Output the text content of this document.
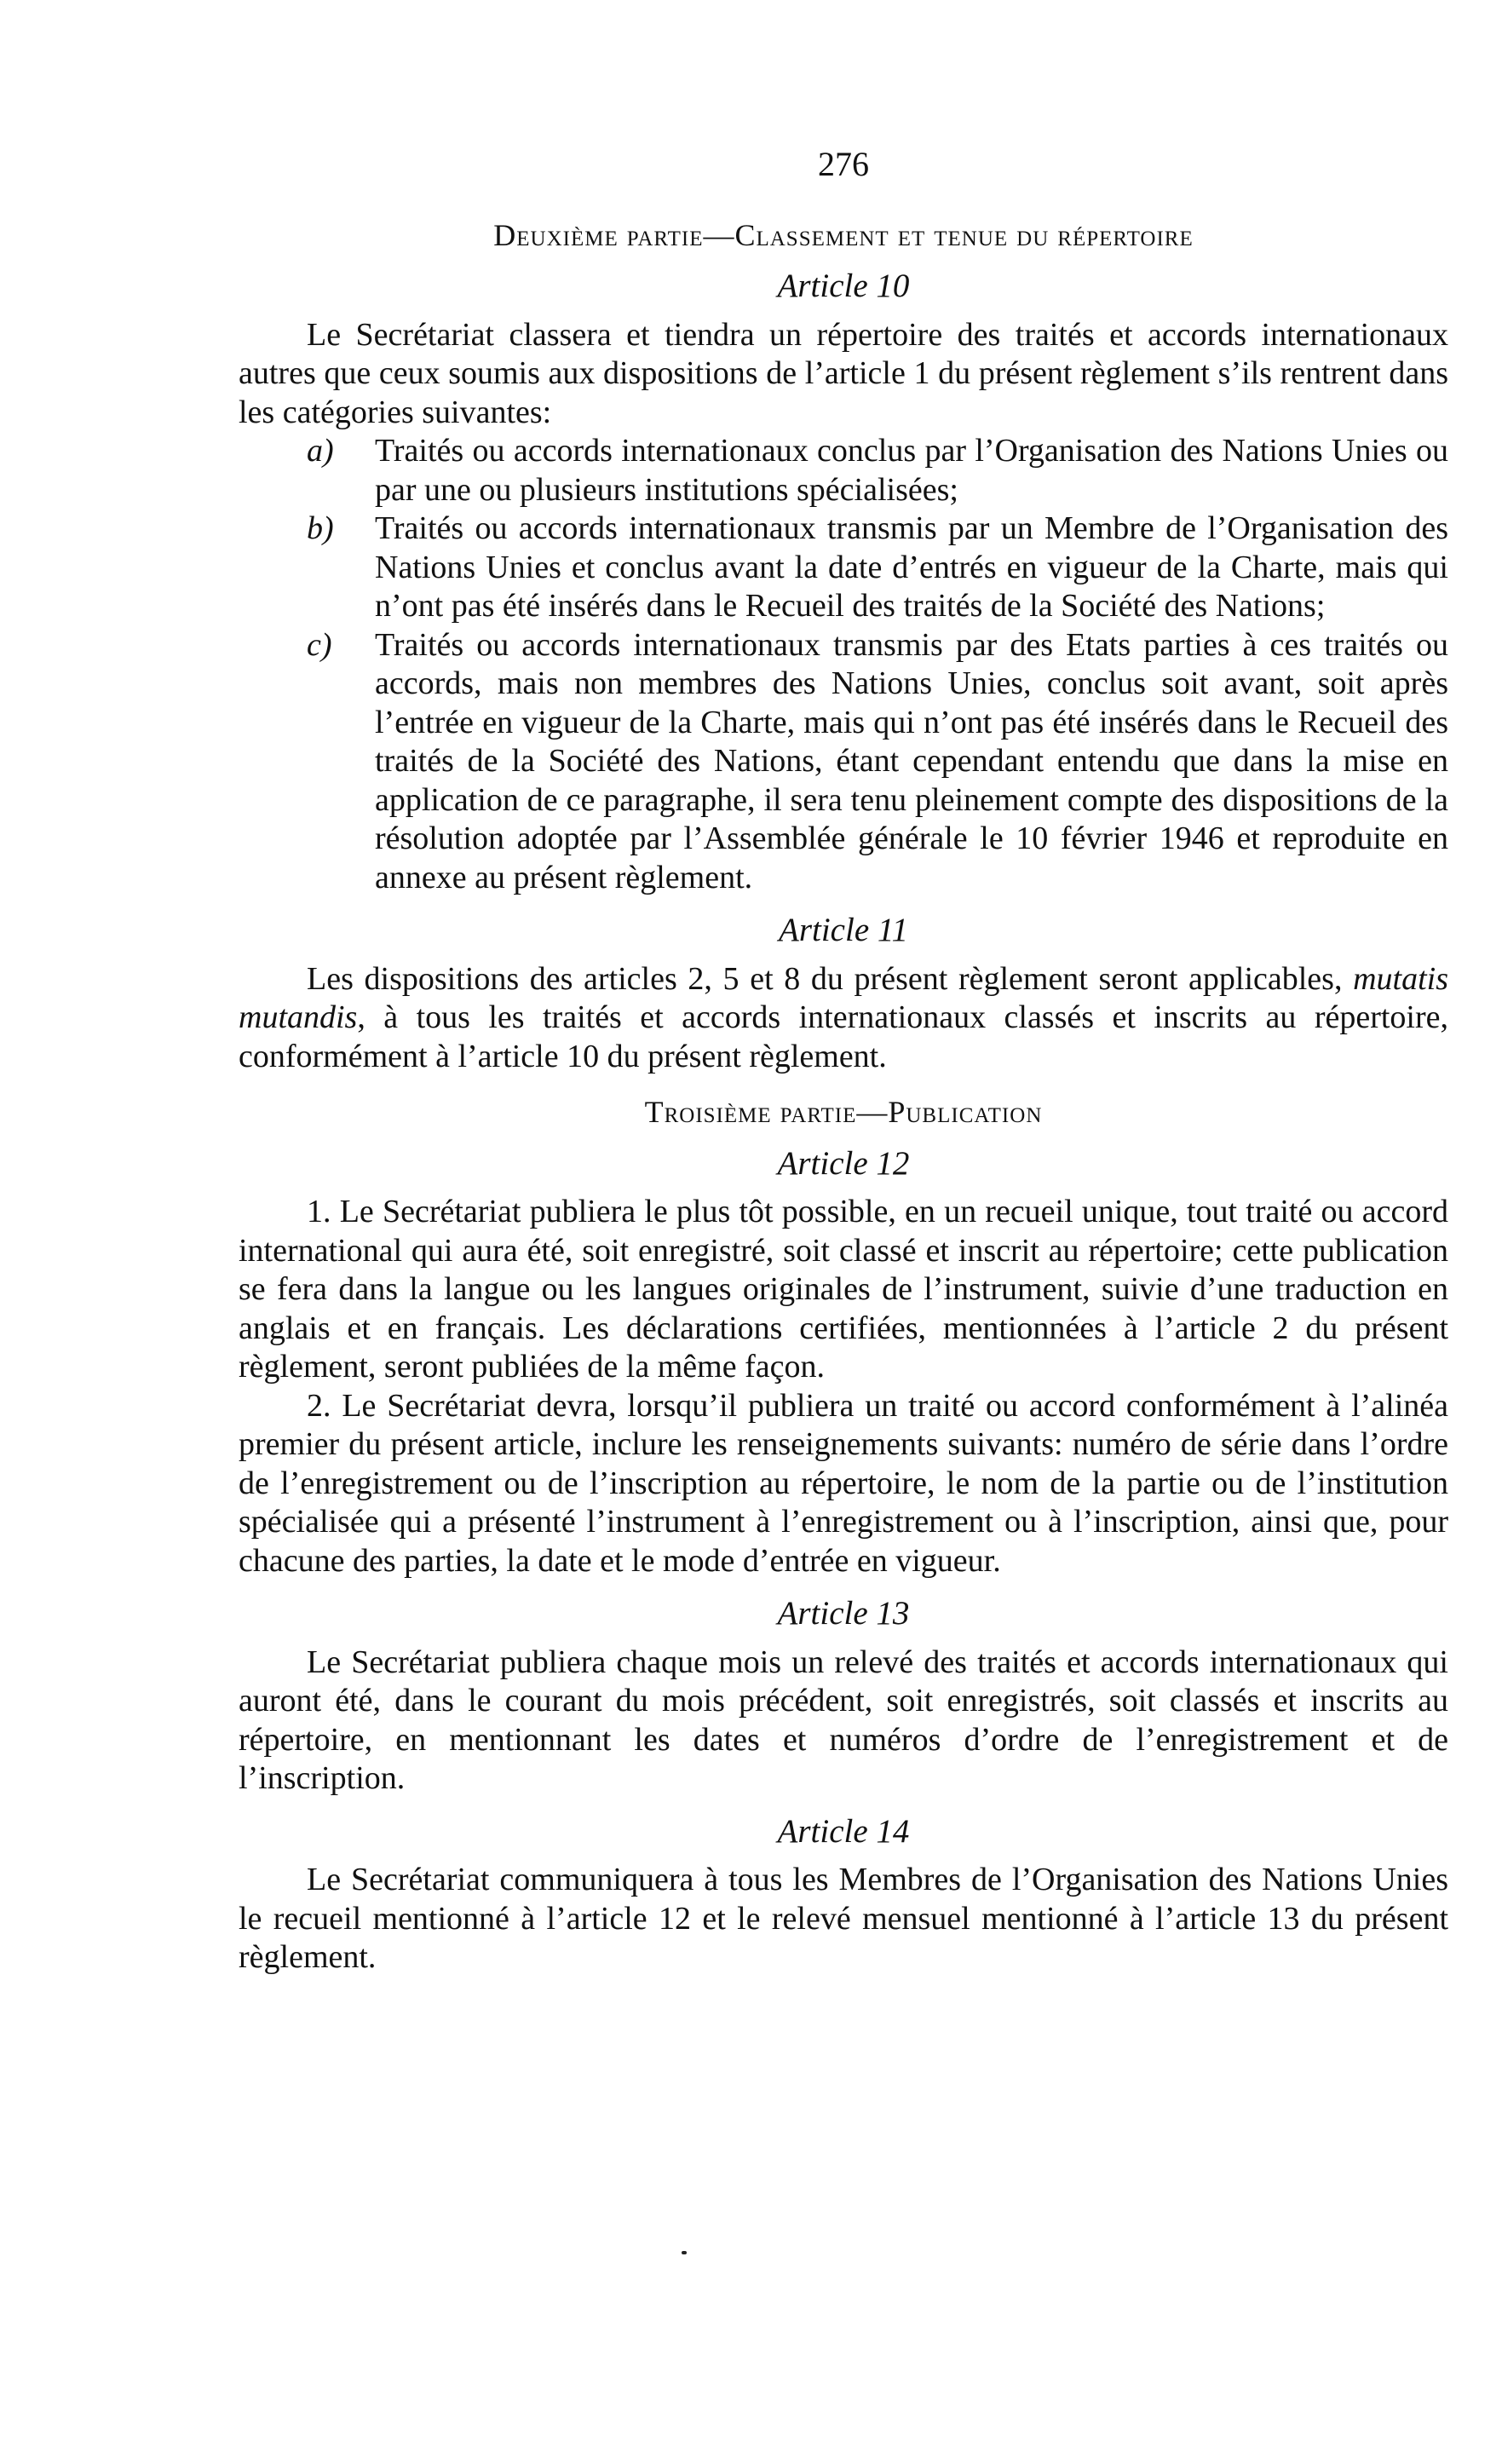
276
Deuxième partie—Classement et tenue du répertoire
Article 10

Le Secrétariat classera et tiendra un répertoire des traités et accords internationaux autres que ceux soumis aux dispositions de l’article 1 du présent règlement s’ils rentrent dans les catégories suivantes:

a)	Traités ou accords internationaux conclus par l’Organisation des Nations Unies ou par une ou plusieurs institutions spécialisées;
b)	Traités ou accords internationaux transmis par un Membre de l’Organisation des Nations Unies et conclus avant la date d’entrés en vigueur de la Charte, mais qui n’ont pas été insérés dans le Recueil des traités de la Société des Nations;
c)	Traités ou accords internationaux transmis par des Etats parties à ces traités ou accords, mais non membres des Nations Unies, conclus soit avant, soit après l’entrée en vigueur de la Charte, mais qui n’ont pas été insérés dans le Recueil des traités de la Société des Nations, étant cependant entendu que dans la mise en application de ce paragraphe, il sera tenu pleinement compte des dispositions de la résolution adoptée par l’Assemblée générale le 10 février 1946 et reproduite en annexe au présent règlement.
Article 11

Les dispositions des articles 2, 5 et 8 du présent règlement seront applicables, mutatis mutandis, à tous les traités et accords internationaux classés et inscrits au répertoire, conformément à l’article 10 du présent règlement.

Troisième partie—Publication
Article 12

1. Le Secrétariat publiera le plus tôt possible, en un recueil unique, tout traité ou accord international qui aura été, soit enregistré, soit classé et inscrit au répertoire; cette publication se fera dans la langue ou les langues originales de l’instrument, suivie d’une traduction en anglais et en français. Les déclarations certifiées, mentionnées à l’article 2 du présent règlement, seront publiées de la même façon.

2. Le Secrétariat devra, lorsqu’il publiera un traité ou accord conformément à l’alinéa premier du présent article, inclure les renseignements suivants: numéro de série dans l’ordre de l’enregistrement ou de l’inscription au répertoire, le nom de la partie ou de l’institution spécialisée qui a présenté l’instrument à l’enregistrement ou à l’inscription, ainsi que, pour chacune des parties, la date et le mode d’entrée en vigueur.

Article 13

Le Secrétariat publiera chaque mois un relevé des traités et accords internationaux qui auront été, dans le courant du mois précédent, soit enregistrés, soit classés et inscrits au répertoire, en mentionnant les dates et numéros d’ordre de l’enregistrement et de l’inscription.

Article 14

Le Secrétariat communiquera à tous les Membres de l’Organisation des Nations Unies le recueil mentionné à l’article 12 et le relevé mensuel mentionné à l’article 13 du présent règlement.
